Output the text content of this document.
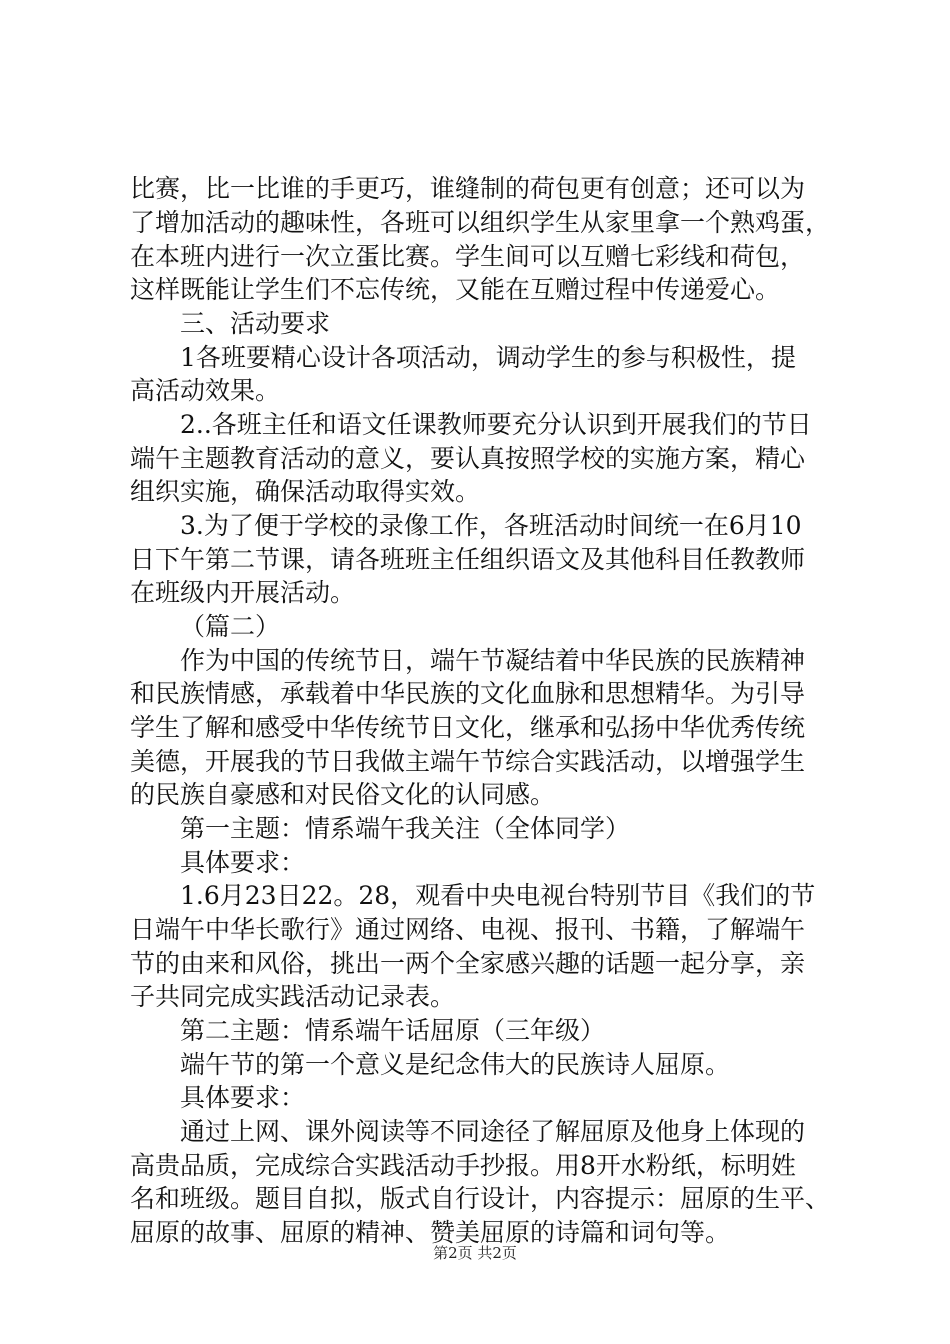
比赛，比一比谁的手更巧，谁缝制的荷包更有创意；还可以为
了增加活动的趣味性，各班可以组织学生从家里拿一个熟鸡蛋，
在本班内进行一次立蛋比赛。学生间可以互赠七彩线和荷包，
这样既能让学生们不忘传统，又能在互赠过程中传递爱心。
三、活动要求
1各班要精心设计各项活动，调动学生的参与积极性，提
高活动效果。
2..各班主任和语文任课教师要充分认识到开展我们的节日
端午主题教育活动的意义，要认真按照学校的实施方案，精心
组织实施，确保活动取得实效。
3.为了便于学校的录像工作，各班活动时间统一在6月10
日下午第二节课，请各班班主任组织语文及其他科目任教教师
在班级内开展活动。
（篇二）
作为中国的传统节日，端午节凝结着中华民族的民族精神
和民族情感，承载着中华民族的文化血脉和思想精华。为引导
学生了解和感受中华传统节日文化，继承和弘扬中华优秀传统
美德，开展我的节日我做主端午节综合实践活动，以增强学生
的民族自豪感和对民俗文化的认同感。
第一主题：情系端午我关注（全体同学）
具体要求：
1.6月23日22。28，观看中央电视台特别节目《我们的节
日端午中华长歌行》通过网络、电视、报刊、书籍，了解端午
节的由来和风俗，挑出一两个全家感兴趣的话题一起分享，亲
子共同完成实践活动记录表。
第二主题：情系端午话屈原（三年级）
端午节的第一个意义是纪念伟大的民族诗人屈原。
具体要求：
通过上网、课外阅读等不同途径了解屈原及他身上体现的
高贵品质，完成综合实践活动手抄报。用8开水粉纸，标明姓
名和班级。题目自拟，版式自行设计，内容提示：屈原的生平、
屈原的故事、屈原的精神、赞美屈原的诗篇和词句等。
第2页 共2页
